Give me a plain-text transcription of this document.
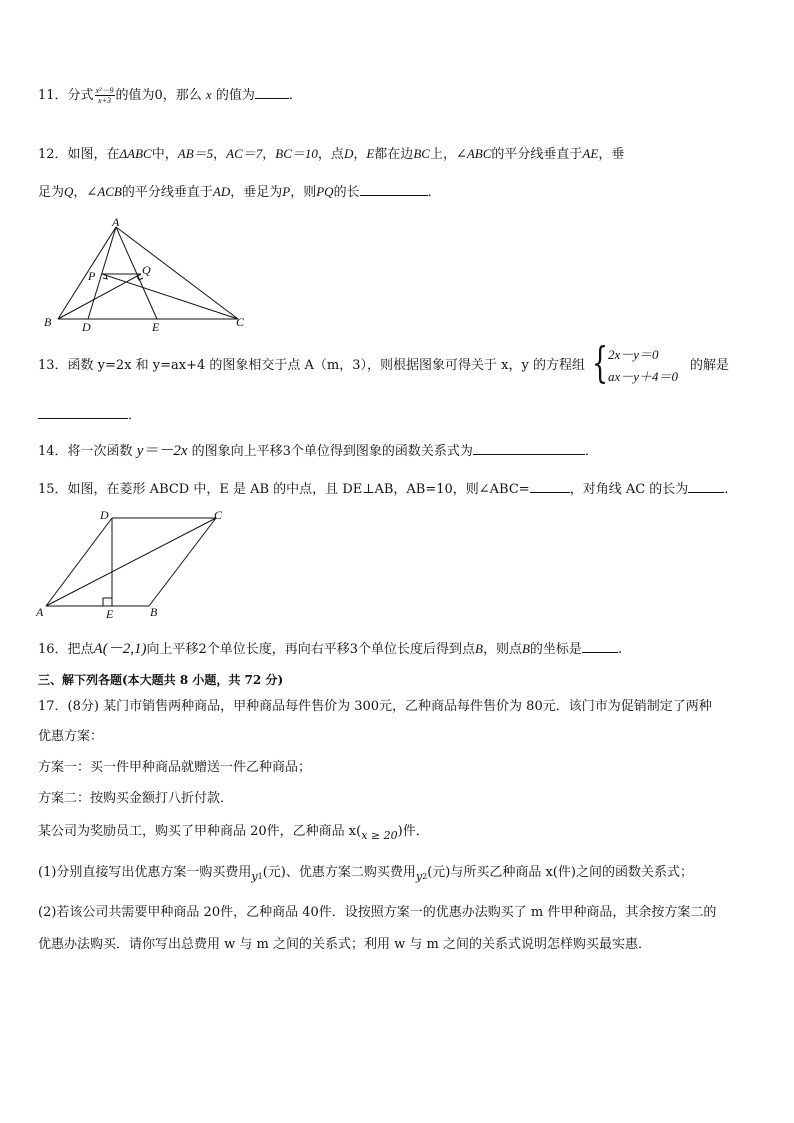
11．分式 $\frac{\text{x²－9}}{x+3}$ 的值为0，那么 x 的值为	．
12．如图，在ΔABC中，AB＝5，AC＝7，BC＝10，点D，E都在边BC上，∠ABC的平分线垂直于AE，垂
足为Q，∠ACB的平分线垂直于AD，垂足为P，则PQ的长	．
A
B	C
D	E
P	Q
13．函数 y=2x 和 y=ax+4 的图象相交于点 A（m，3），则根据图象可得关于 x，y 的方程组 { 2x－y＝0
ax－y＋4＝0
的解是
．
14．将一次函数 y＝－2x 的图象向上平移3个单位得到图象的函数关系式为	．
15．如图，在菱形 ABCD 中，E 是 AB 的中点，且 DE⊥AB，AB=10，则∠ABC=	，对角线 AC 的长为	．
A	B
C
D
E
16．把点A(－2,1)向上平移2个单位长度，再向右平移3个单位长度后得到点B，则点B的坐标是	.
三、解下列各题(本大题共 8 小题，共 72 分)
17．(8分) 某门市销售两种商品，甲种商品每件售价为 300元，乙种商品每件售价为 80元．该门市为促销制定了两种
优惠方案：
方案一：买一件甲种商品就赠送一件乙种商品；
方案二：按购买金额打八折付款．
某公司为奖励员工，购买了甲种商品 20件，乙种商品 $x(_{x \ge 20})$件．
(1)分别直接写出优惠方案一购买费用$_{y1}$(元)、优惠方案二购买费用$_{y2}$(元)与所买乙种商品 x(件)之间的函数关系式；
(2)若该公司共需要甲种商品 20件，乙种商品 40件．设按照方案一的优惠办法购买了 m 件甲种商品，其余按方案二的
优惠办法购买．请你写出总费用 w 与 m 之间的关系式；利用 w 与 m 之间的关系式说明怎样购买最实惠．
